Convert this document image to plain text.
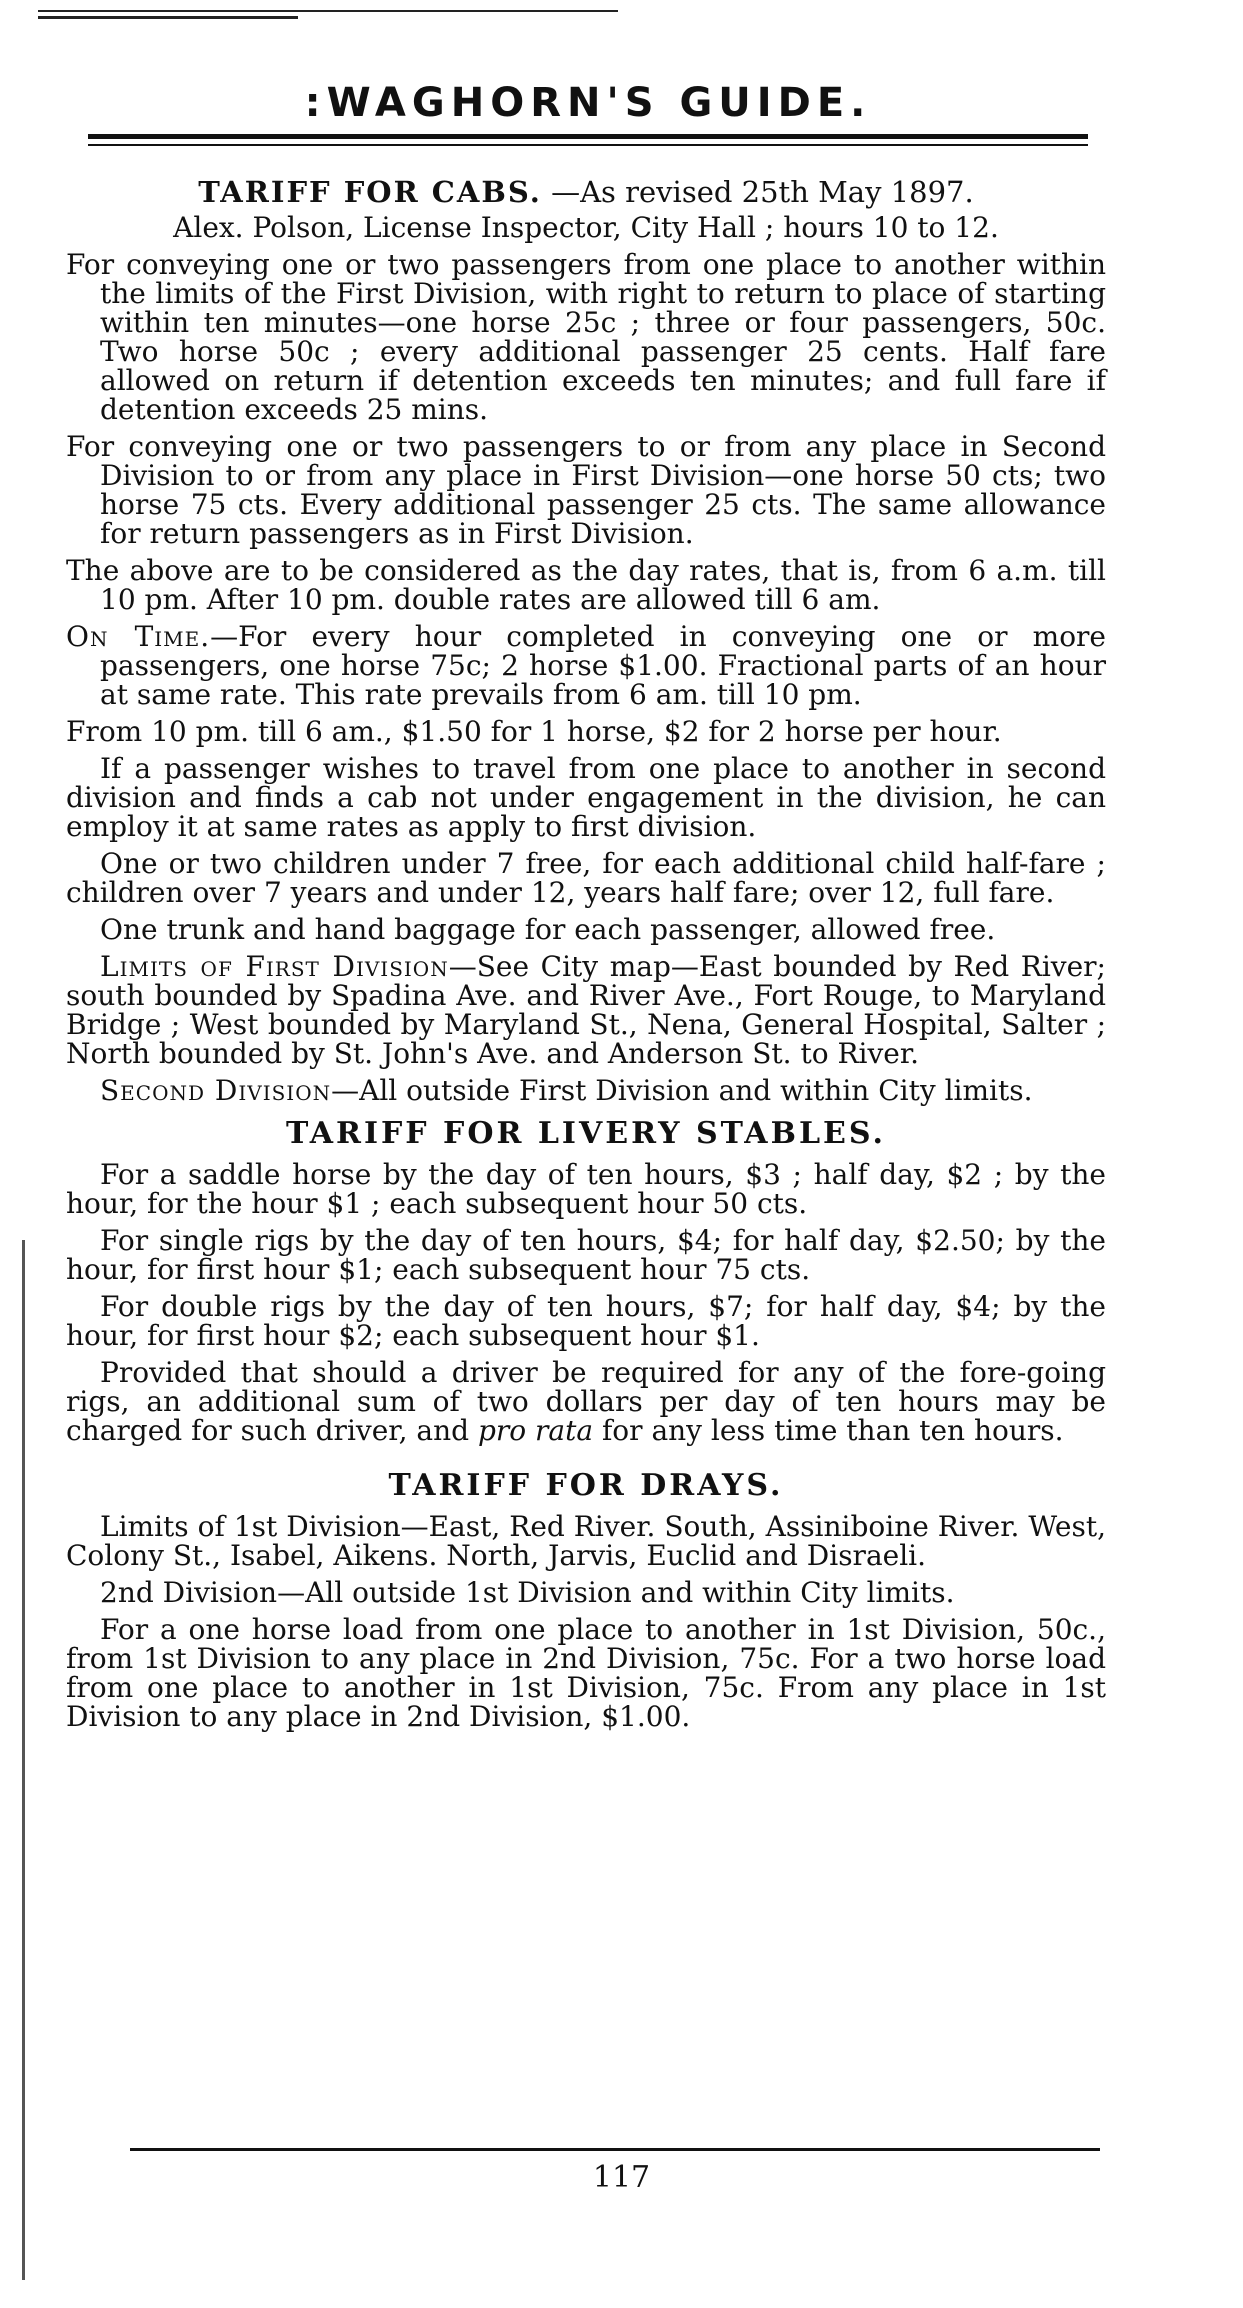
:WAGHORN'S GUIDE.
TARIFF FOR CABS. —As revised 25th May 1897.
Alex. Polson, License Inspector, City Hall ; hours 10 to 12.

For conveying one or two passengers from one place to another within the limits of the First Division, with right to return to place of starting within ten minutes—one horse 25c ; three or four passengers, 50c. Two horse 50c ; every additional passenger 25 cents. Half fare allowed on return if detention exceeds ten minutes; and full fare if detention exceeds 25 mins.

For conveying one or two passengers to or from any place in Second Division to or from any place in First Division—one horse 50 cts; two horse 75 cts. Every additional passenger 25 cts. The same allowance for return passengers as in First Division.

The above are to be considered as the day rates, that is, from 6 a.m. till 10 pm. After 10 pm. double rates are allowed till 6 am.

On Time.—For every hour completed in conveying one or more passengers, one horse 75c; 2 horse $1.00. Fractional parts of an hour at same rate. This rate prevails from 6 am. till 10 pm.

From 10 pm. till 6 am., $1.50 for 1 horse, $2 for 2 horse per hour.

If a passenger wishes to travel from one place to another in second division and finds a cab not under engagement in the division, he can employ it at same rates as apply to first division.

One or two children under 7 free, for each additional child half-fare ; children over 7 years and under 12, years half fare; over 12, full fare.

One trunk and hand baggage for each passenger, allowed free.

Limits of First Division—See City map—East bounded by Red River; south bounded by Spadina Ave. and River Ave., Fort Rouge, to Maryland Bridge ; West bounded by Maryland St., Nena, General Hospital, Salter ; North bounded by St. John's Ave. and Anderson St. to River.

Second Division—All outside First Division and within City limits.

TARIFF FOR LIVERY STABLES.

For a saddle horse by the day of ten hours, $3 ; half day, $2 ; by the hour, for the hour $1 ; each subsequent hour 50 cts.

For single rigs by the day of ten hours, $4; for half day, $2.50; by the hour, for first hour $1; each subsequent hour 75 cts.

For double rigs by the day of ten hours, $7; for half day, $4; by the hour, for first hour $2; each subsequent hour $1.

Provided that should a driver be required for any of the fore-going rigs, an additional sum of two dollars per day of ten hours may be charged for such driver, and pro rata for any less time than ten hours.

TARIFF FOR DRAYS.

Limits of 1st Division—East, Red River. South, Assiniboine River. West, Colony St., Isabel, Aikens. North, Jarvis, Euclid and Disraeli.

2nd Division—All outside 1st Division and within City limits.

For a one horse load from one place to another in 1st Division, 50c., from 1st Division to any place in 2nd Division, 75c. For a two horse load from one place to another in 1st Division, 75c. From any place in 1st Division to any place in 2nd Division, $1.00.

117
